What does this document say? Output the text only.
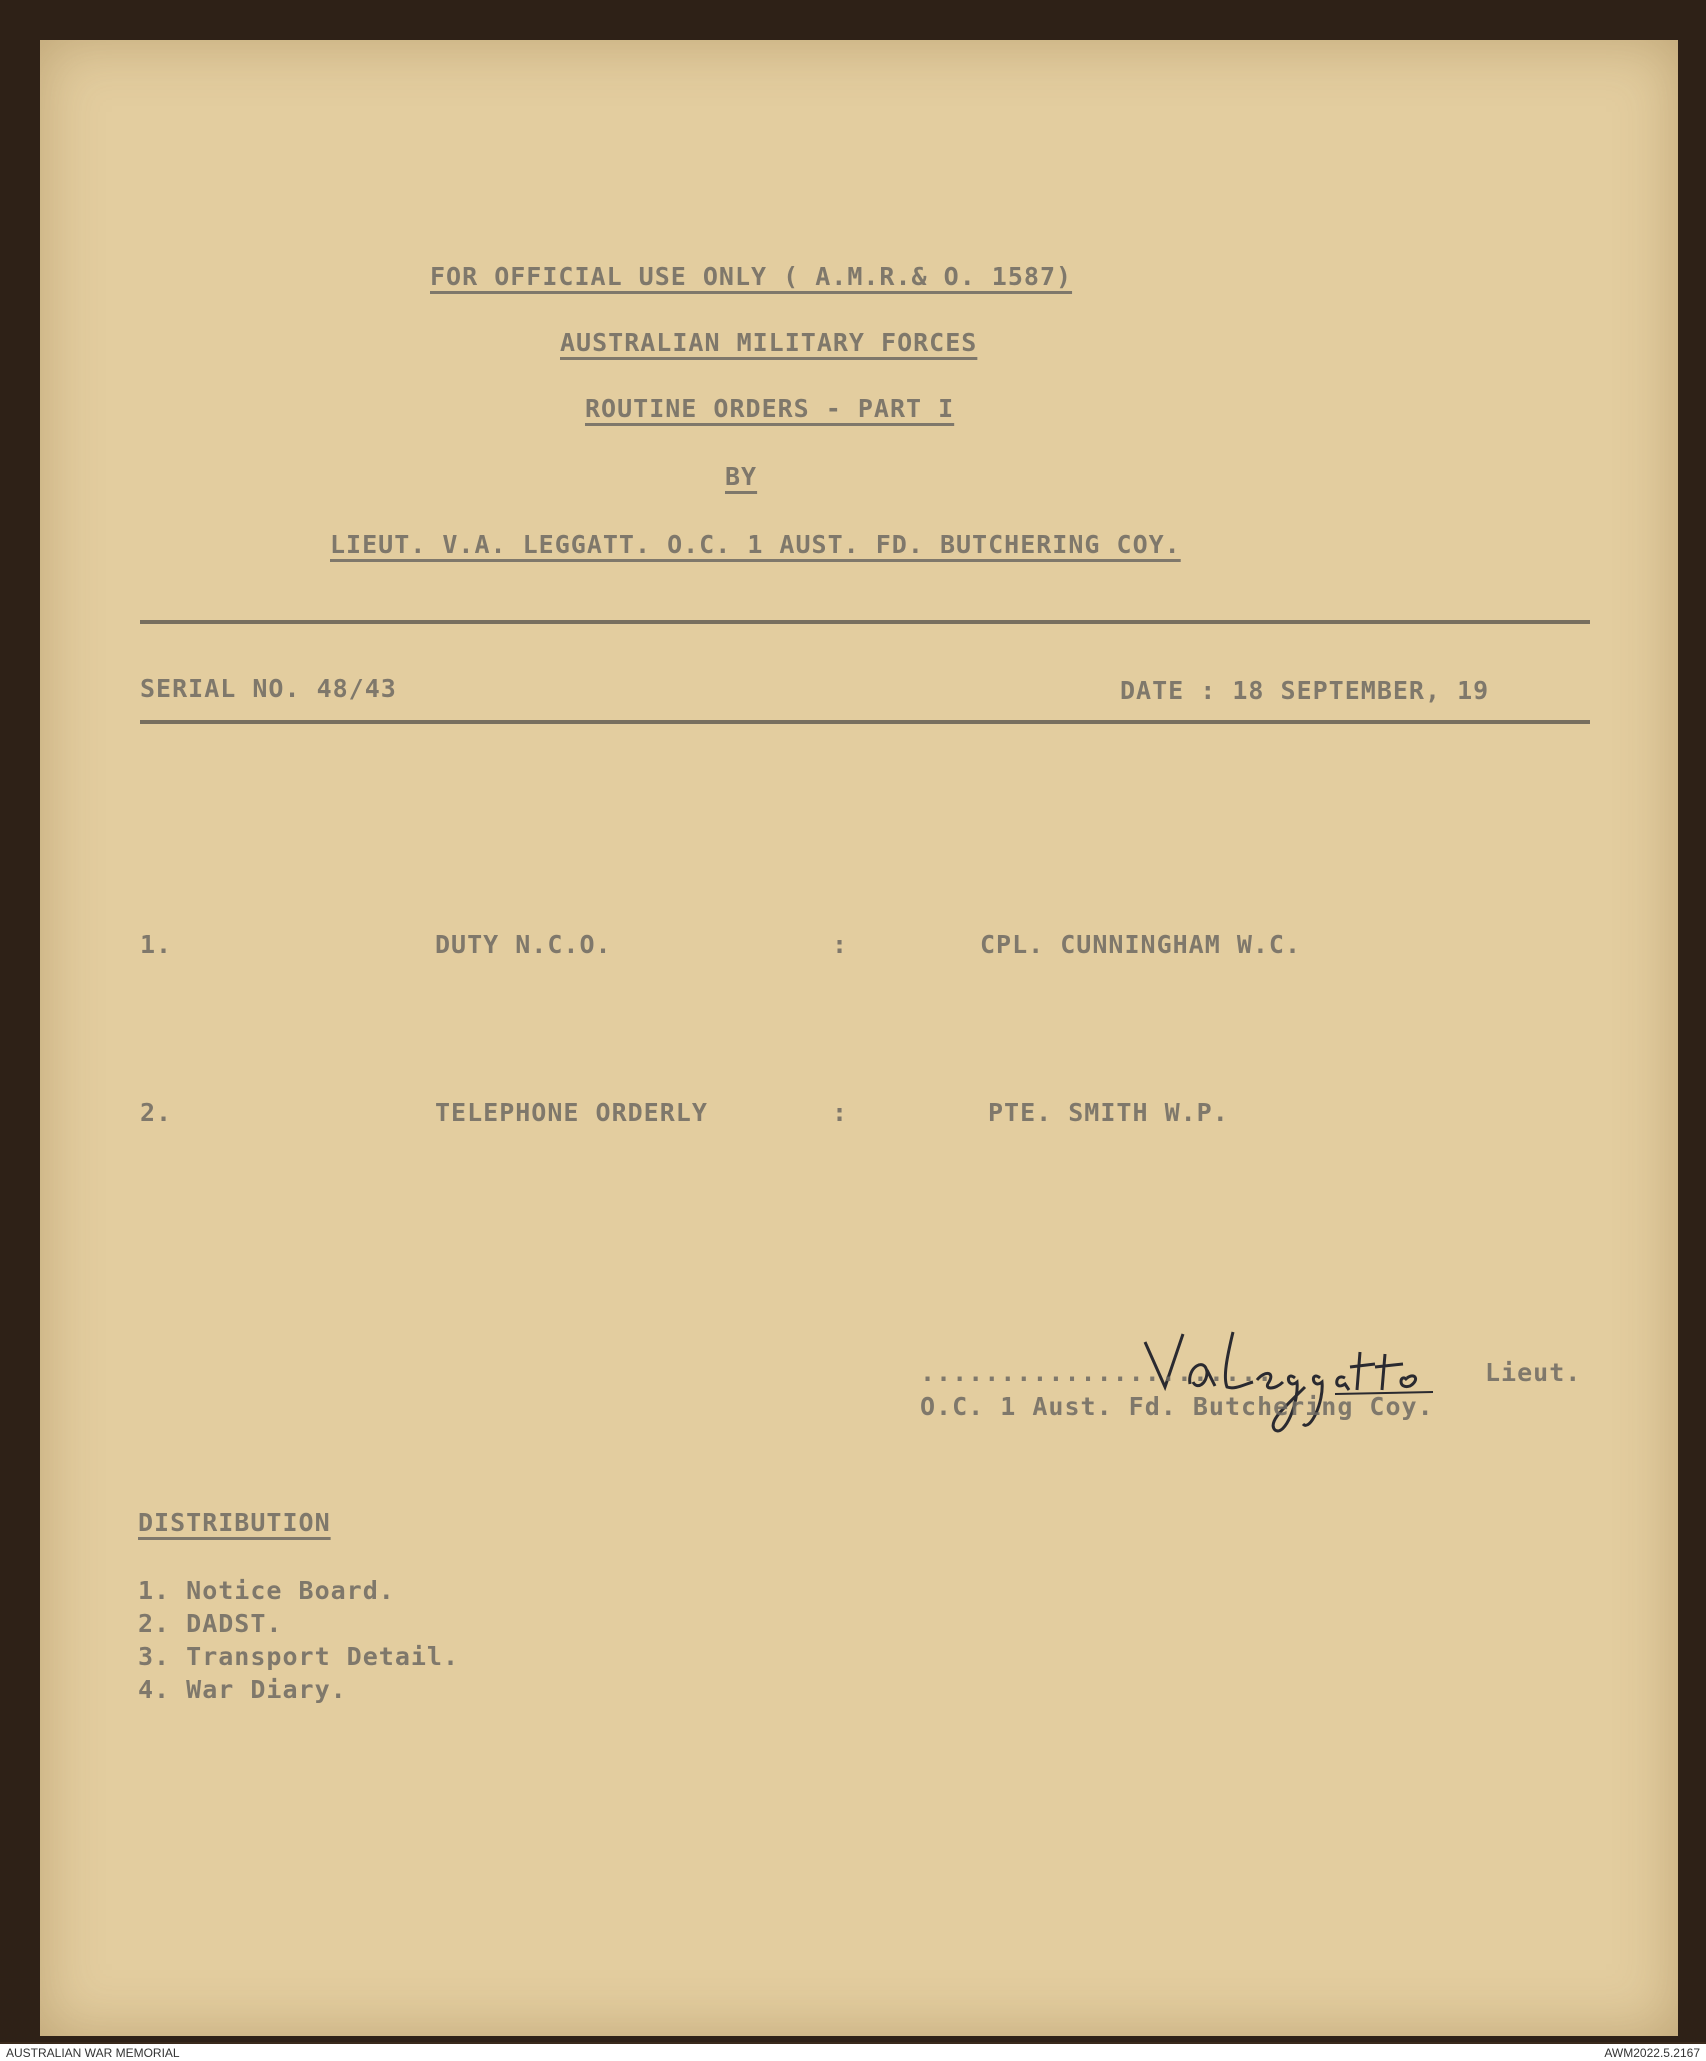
FOR OFFICIAL USE ONLY ( A.M.R.& O. 1587)
AUSTRALIAN MILITARY FORCES
ROUTINE ORDERS - PART I
BY
LIEUT. V.A. LEGGATT. O.C. 1 AUST. FD. BUTCHERING COY.
SERIAL NO. 48/43	DATE : 18 SEPTEMBER, 19
1.	DUTY N.C.O.	:	CPL. CUNNINGHAM W.C.
2.	TELEPHONE ORDERLY	:	PTE. SMITH W.P.
......................	Lieut.
O.C. 1 Aust. Fd. Butchering Coy.
DISTRIBUTION
1. Notice Board.
2. DADST.
3. Transport Detail.
4. War Diary.
AUSTRALIAN WAR MEMORIAL	AWM2022.5.2167
